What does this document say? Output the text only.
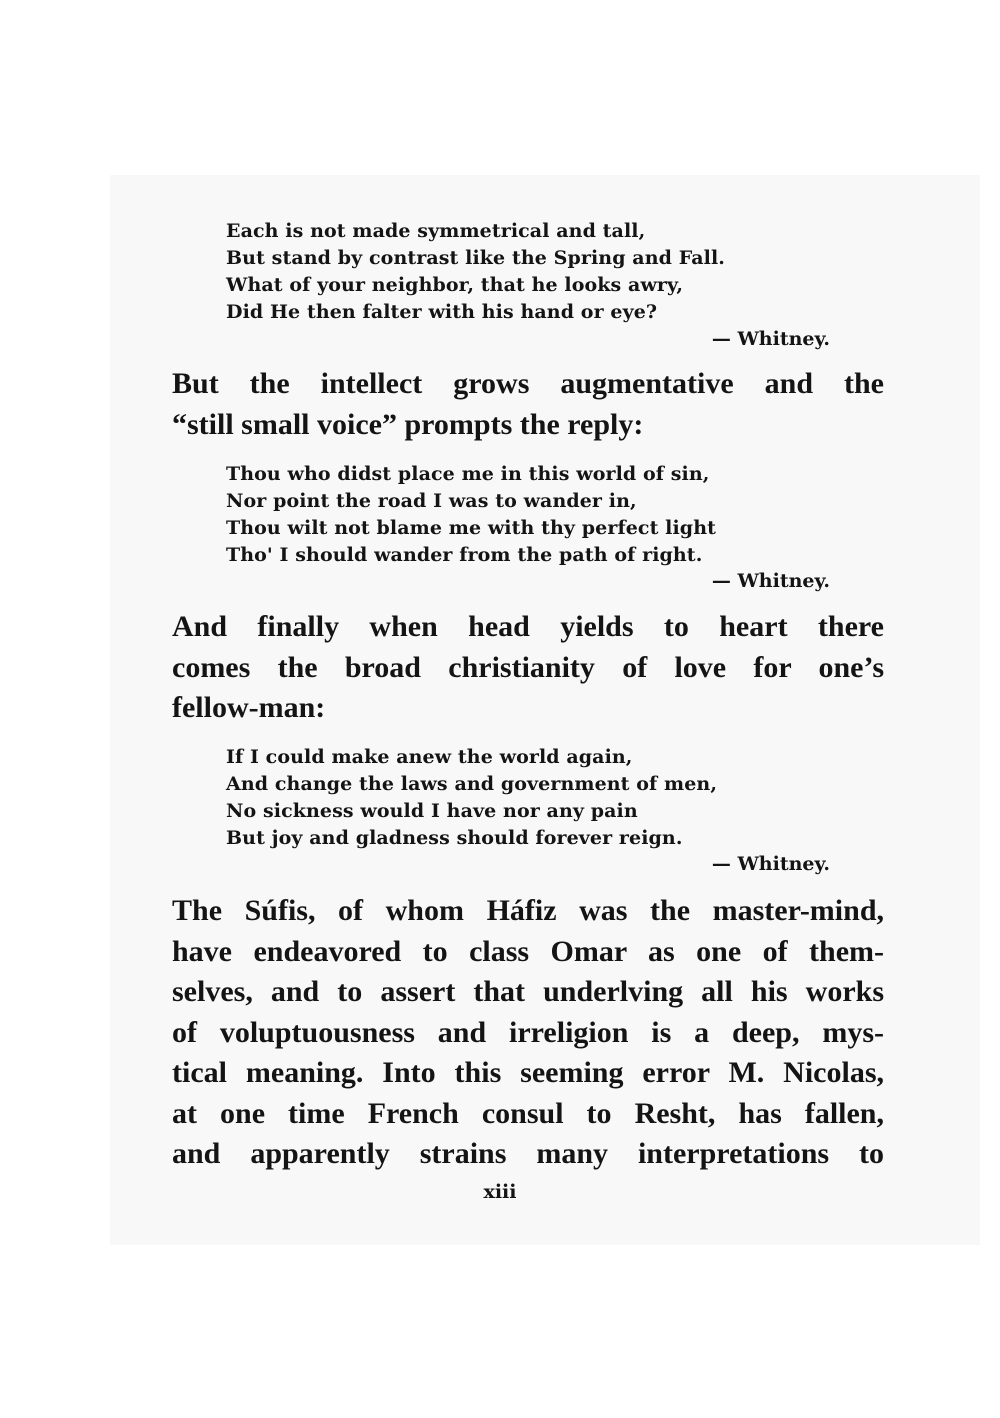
Each is not made symmetrical and tall,
But stand by contrast like the Spring and Fall.
What of your neighbor, that he looks awry,
Did He then falter with his hand or eye?
— Whitney.
But the intellect grows augmentative and the
“still small voice” prompts the reply:
Thou who didst place me in this world of sin,
Nor point the road I was to wander in,
Thou wilt not blame me with thy perfect light
Tho' I should wander from the path of right.
— Whitney.
And finally when head yields to heart there
comes the broad christianity of love for one’s
fellow-man:
If I could make anew the world again,
And change the laws and government of men,
No sickness would I have nor any pain
But joy and gladness should forever reign.
— Whitney.
The Súfis, of whom Háfiz was the master-mind,
have endeavored to class Omar as one of them-
selves, and to assert that underlving all his works
of voluptuousness and irreligion is a deep, mys-
tical meaning. Into this seeming error M. Nicolas,
at one time French consul to Resht, has fallen,
and apparently strains many interpretations to
xiii
